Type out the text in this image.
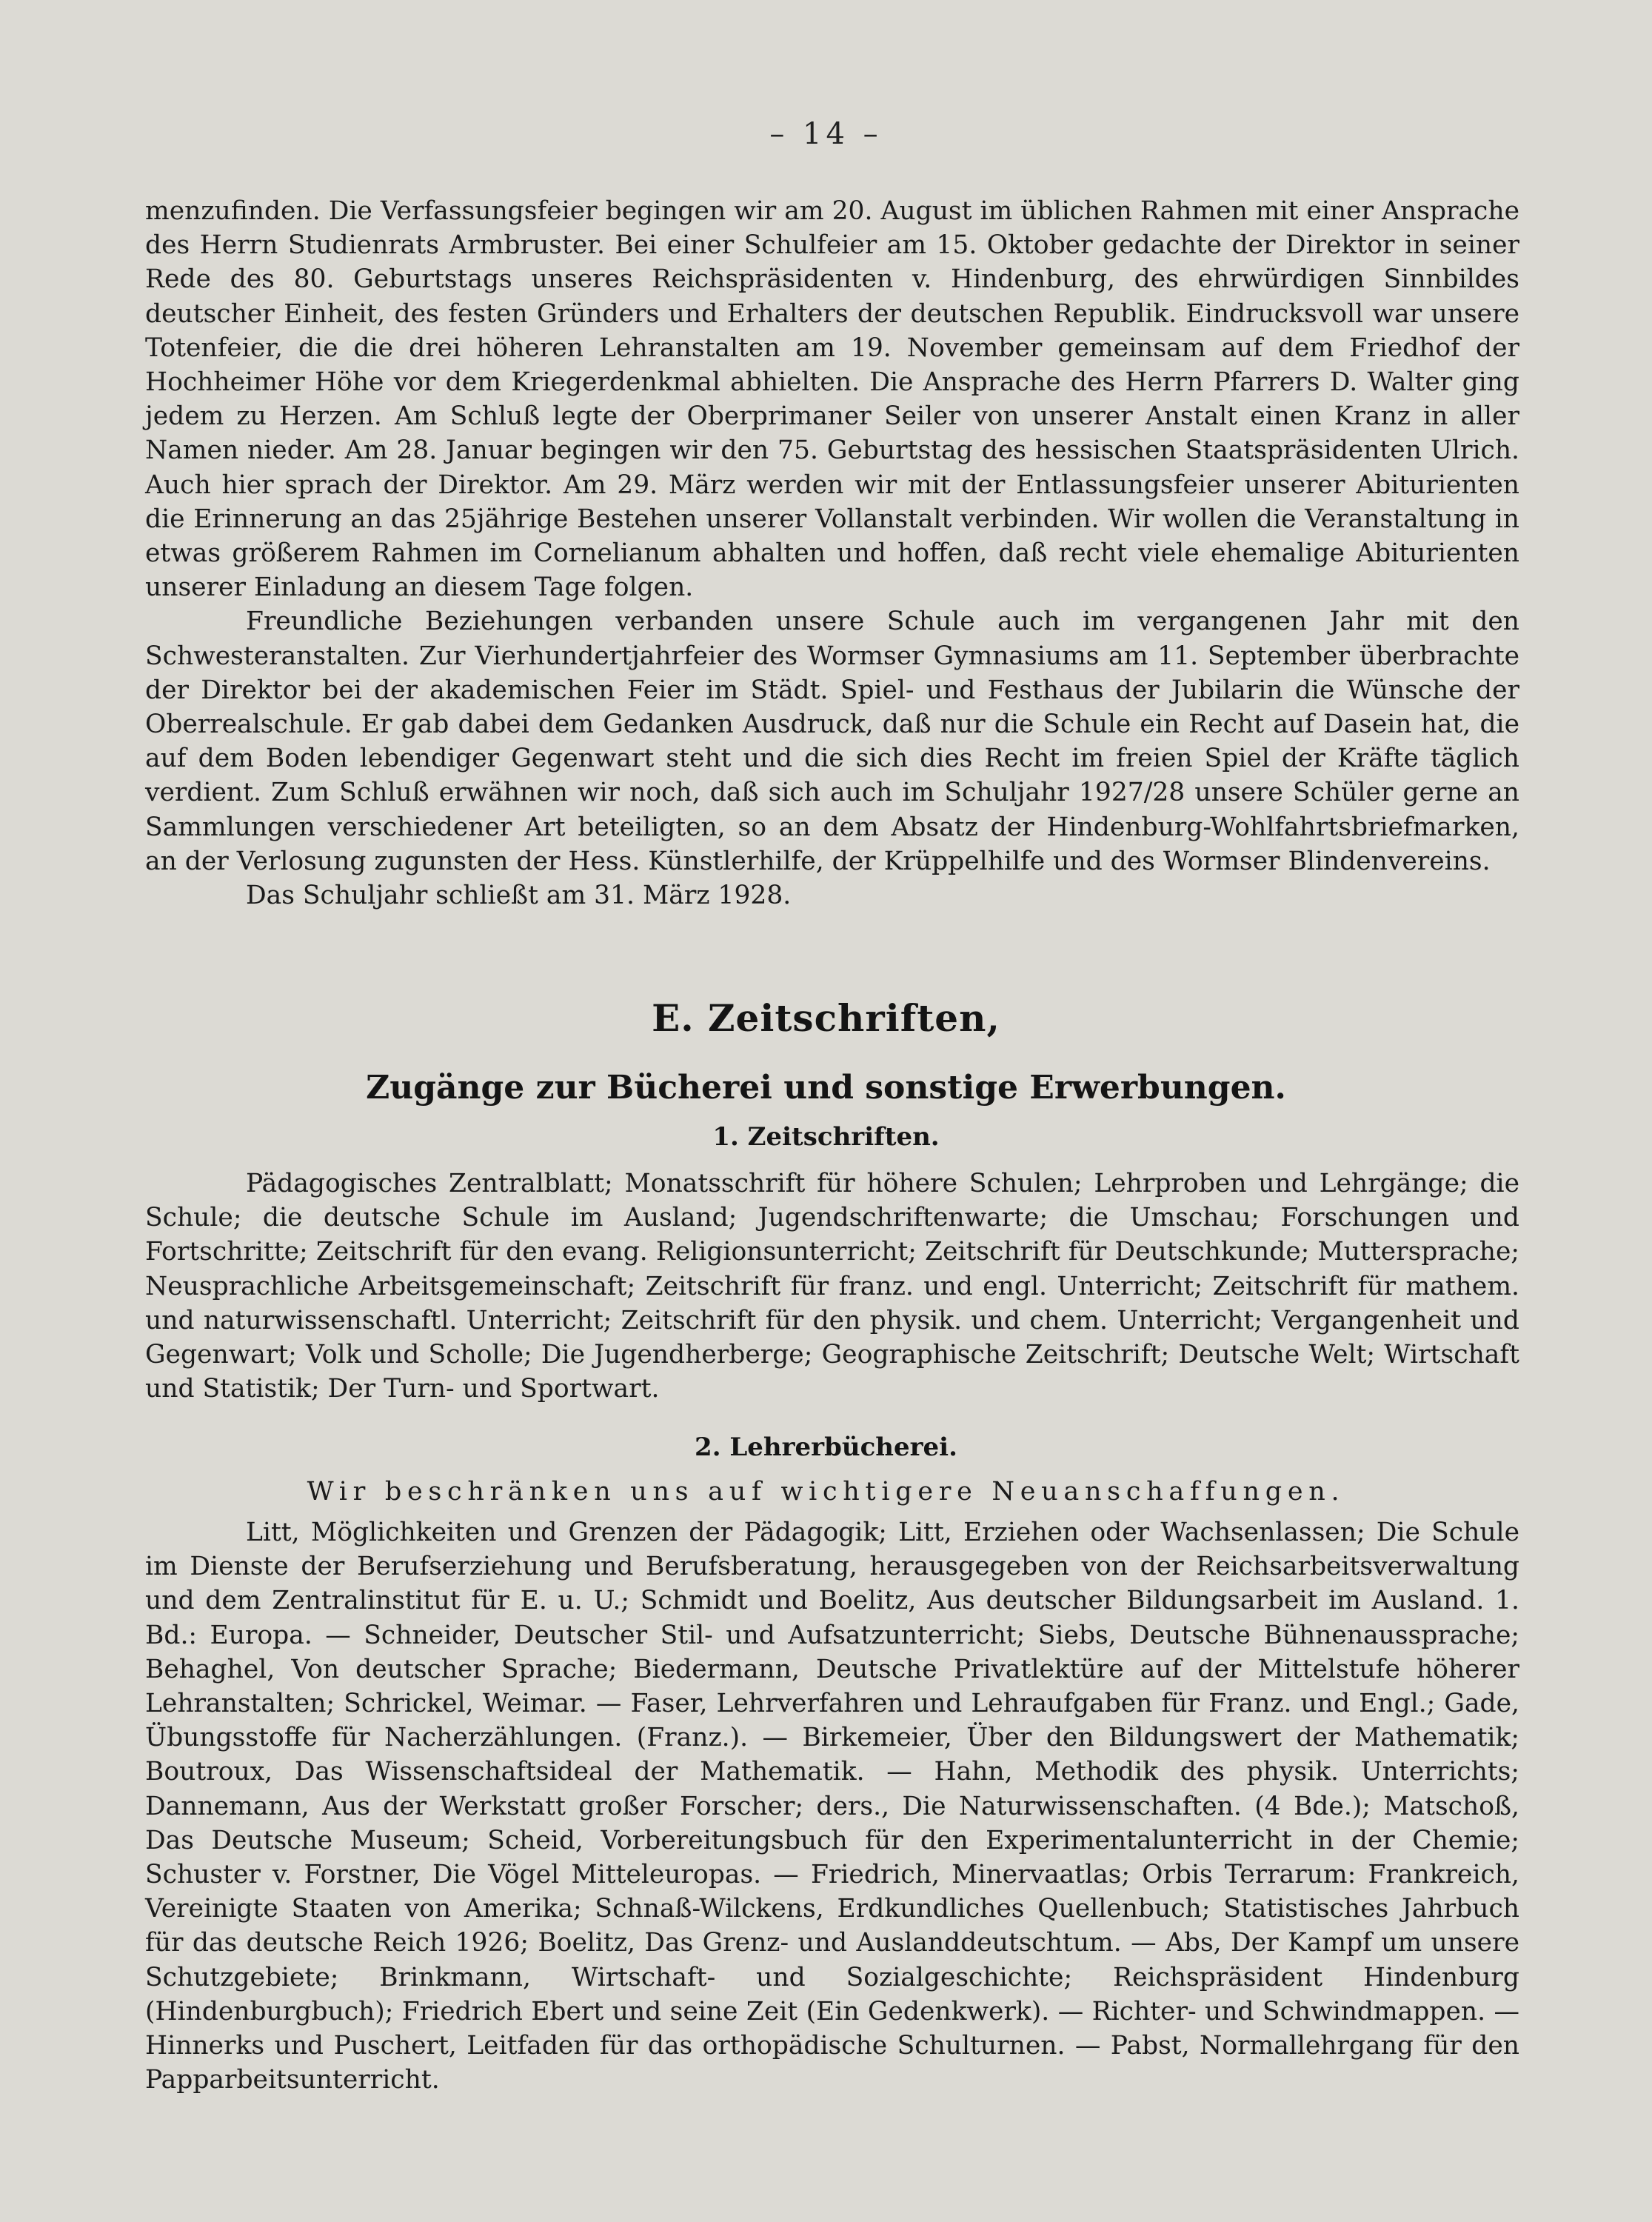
– 14 –

menzufinden. Die Verfassungsfeier begingen wir am 20. August im üblichen Rahmen mit einer Ansprache des Herrn Studienrats Armbruster. Bei einer Schulfeier am 15. Oktober gedachte der Direktor in seiner Rede des 80. Geburtstags unseres Reichspräsidenten v. Hindenburg, des ehrwürdigen Sinnbildes deutscher Einheit, des festen Gründers und Erhalters der deutschen Republik. Eindrucksvoll war unsere Totenfeier, die die drei höheren Lehranstalten am 19. November gemeinsam auf dem Friedhof der Hochheimer Höhe vor dem Kriegerdenkmal abhielten. Die Ansprache des Herrn Pfarrers D. Walter ging jedem zu Herzen. Am Schluß legte der Oberprimaner Seiler von unserer Anstalt einen Kranz in aller Namen nieder. Am 28. Januar begingen wir den 75. Geburtstag des hessischen Staatspräsidenten Ulrich. Auch hier sprach der Direktor. Am 29. März werden wir mit der Entlassungsfeier unserer Abiturienten die Erinnerung an das 25jährige Bestehen unserer Vollanstalt verbinden. Wir wollen die Veranstaltung in etwas größerem Rahmen im Cornelianum abhalten und hoffen, daß recht viele ehemalige Abiturienten unserer Einladung an diesem Tage folgen.

Freundliche Beziehungen verbanden unsere Schule auch im vergangenen Jahr mit den Schwesteranstalten. Zur Vierhundertjahrfeier des Wormser Gymnasiums am 11. September überbrachte der Direktor bei der akademischen Feier im Städt. Spiel- und Festhaus der Jubilarin die Wünsche der Oberrealschule. Er gab dabei dem Gedanken Ausdruck, daß nur die Schule ein Recht auf Dasein hat, die auf dem Boden lebendiger Gegenwart steht und die sich dies Recht im freien Spiel der Kräfte täglich verdient. Zum Schluß erwähnen wir noch, daß sich auch im Schuljahr 1927/28 unsere Schüler gerne an Sammlungen verschiedener Art beteiligten, so an dem Absatz der Hindenburg-Wohlfahrtsbriefmarken, an der Verlosung zugunsten der Hess. Künstlerhilfe, der Krüppelhilfe und des Wormser Blindenvereins.

Das Schuljahr schließt am 31. März 1928.

E. Zeitschriften,
Zugänge zur Bücherei und sonstige Erwerbungen.
1. Zeitschriften.

Pädagogisches Zentralblatt; Monatsschrift für höhere Schulen; Lehrproben und Lehrgänge; die Schule; die deutsche Schule im Ausland; Jugendschriftenwarte; die Umschau; Forschungen und Fortschritte; Zeitschrift für den evang. Religionsunterricht; Zeitschrift für Deutschkunde; Muttersprache; Neusprachliche Arbeitsgemeinschaft; Zeitschrift für franz. und engl. Unterricht; Zeitschrift für mathem. und naturwissenschaftl. Unterricht; Zeitschrift für den physik. und chem. Unterricht; Vergangenheit und Gegenwart; Volk und Scholle; Die Jugendherberge; Geographische Zeitschrift; Deutsche Welt; Wirtschaft und Statistik; Der Turn- und Sportwart.

2. Lehrerbücherei.
Wir beschränken uns auf wichtigere Neuanschaffungen.

Litt, Möglichkeiten und Grenzen der Pädagogik; Litt, Erziehen oder Wachsenlassen; Die Schule im Dienste der Berufserziehung und Berufsberatung, herausgegeben von der Reichsarbeitsverwaltung und dem Zentralinstitut für E. u. U.; Schmidt und Boelitz, Aus deutscher Bildungsarbeit im Ausland. 1. Bd.: Europa. — Schneider, Deutscher Stil- und Aufsatzunterricht; Siebs, Deutsche Bühnenaussprache; Behaghel, Von deutscher Sprache; Biedermann, Deutsche Privatlektüre auf der Mittelstufe höherer Lehranstalten; Schrickel, Weimar. — Faser, Lehrverfahren und Lehraufgaben für Franz. und Engl.; Gade, Übungsstoffe für Nacherzählungen. (Franz.). — Birkemeier, Über den Bildungswert der Mathematik; Boutroux, Das Wissenschaftsideal der Mathematik. — Hahn, Methodik des physik. Unterrichts; Dannemann, Aus der Werkstatt großer Forscher; ders., Die Naturwissenschaften. (4 Bde.); Matschoß, Das Deutsche Museum; Scheid, Vorbereitungsbuch für den Experimentalunterricht in der Chemie; Schuster v. Forstner, Die Vögel Mitteleuropas. — Friedrich, Minervaatlas; Orbis Terrarum: Frankreich, Vereinigte Staaten von Amerika; Schnaß-Wilckens, Erdkundliches Quellenbuch; Statistisches Jahrbuch für das deutsche Reich 1926; Boelitz, Das Grenz- und Auslanddeutschtum. — Abs, Der Kampf um unsere Schutzgebiete; Brinkmann, Wirtschaft- und Sozialgeschichte; Reichspräsident Hindenburg (Hindenburgbuch); Friedrich Ebert und seine Zeit (Ein Gedenkwerk). — Richter- und Schwindmappen. — Hinnerks und Puschert, Leitfaden für das orthopädische Schulturnen. — Pabst, Normallehrgang für den Papparbeitsunterricht.
